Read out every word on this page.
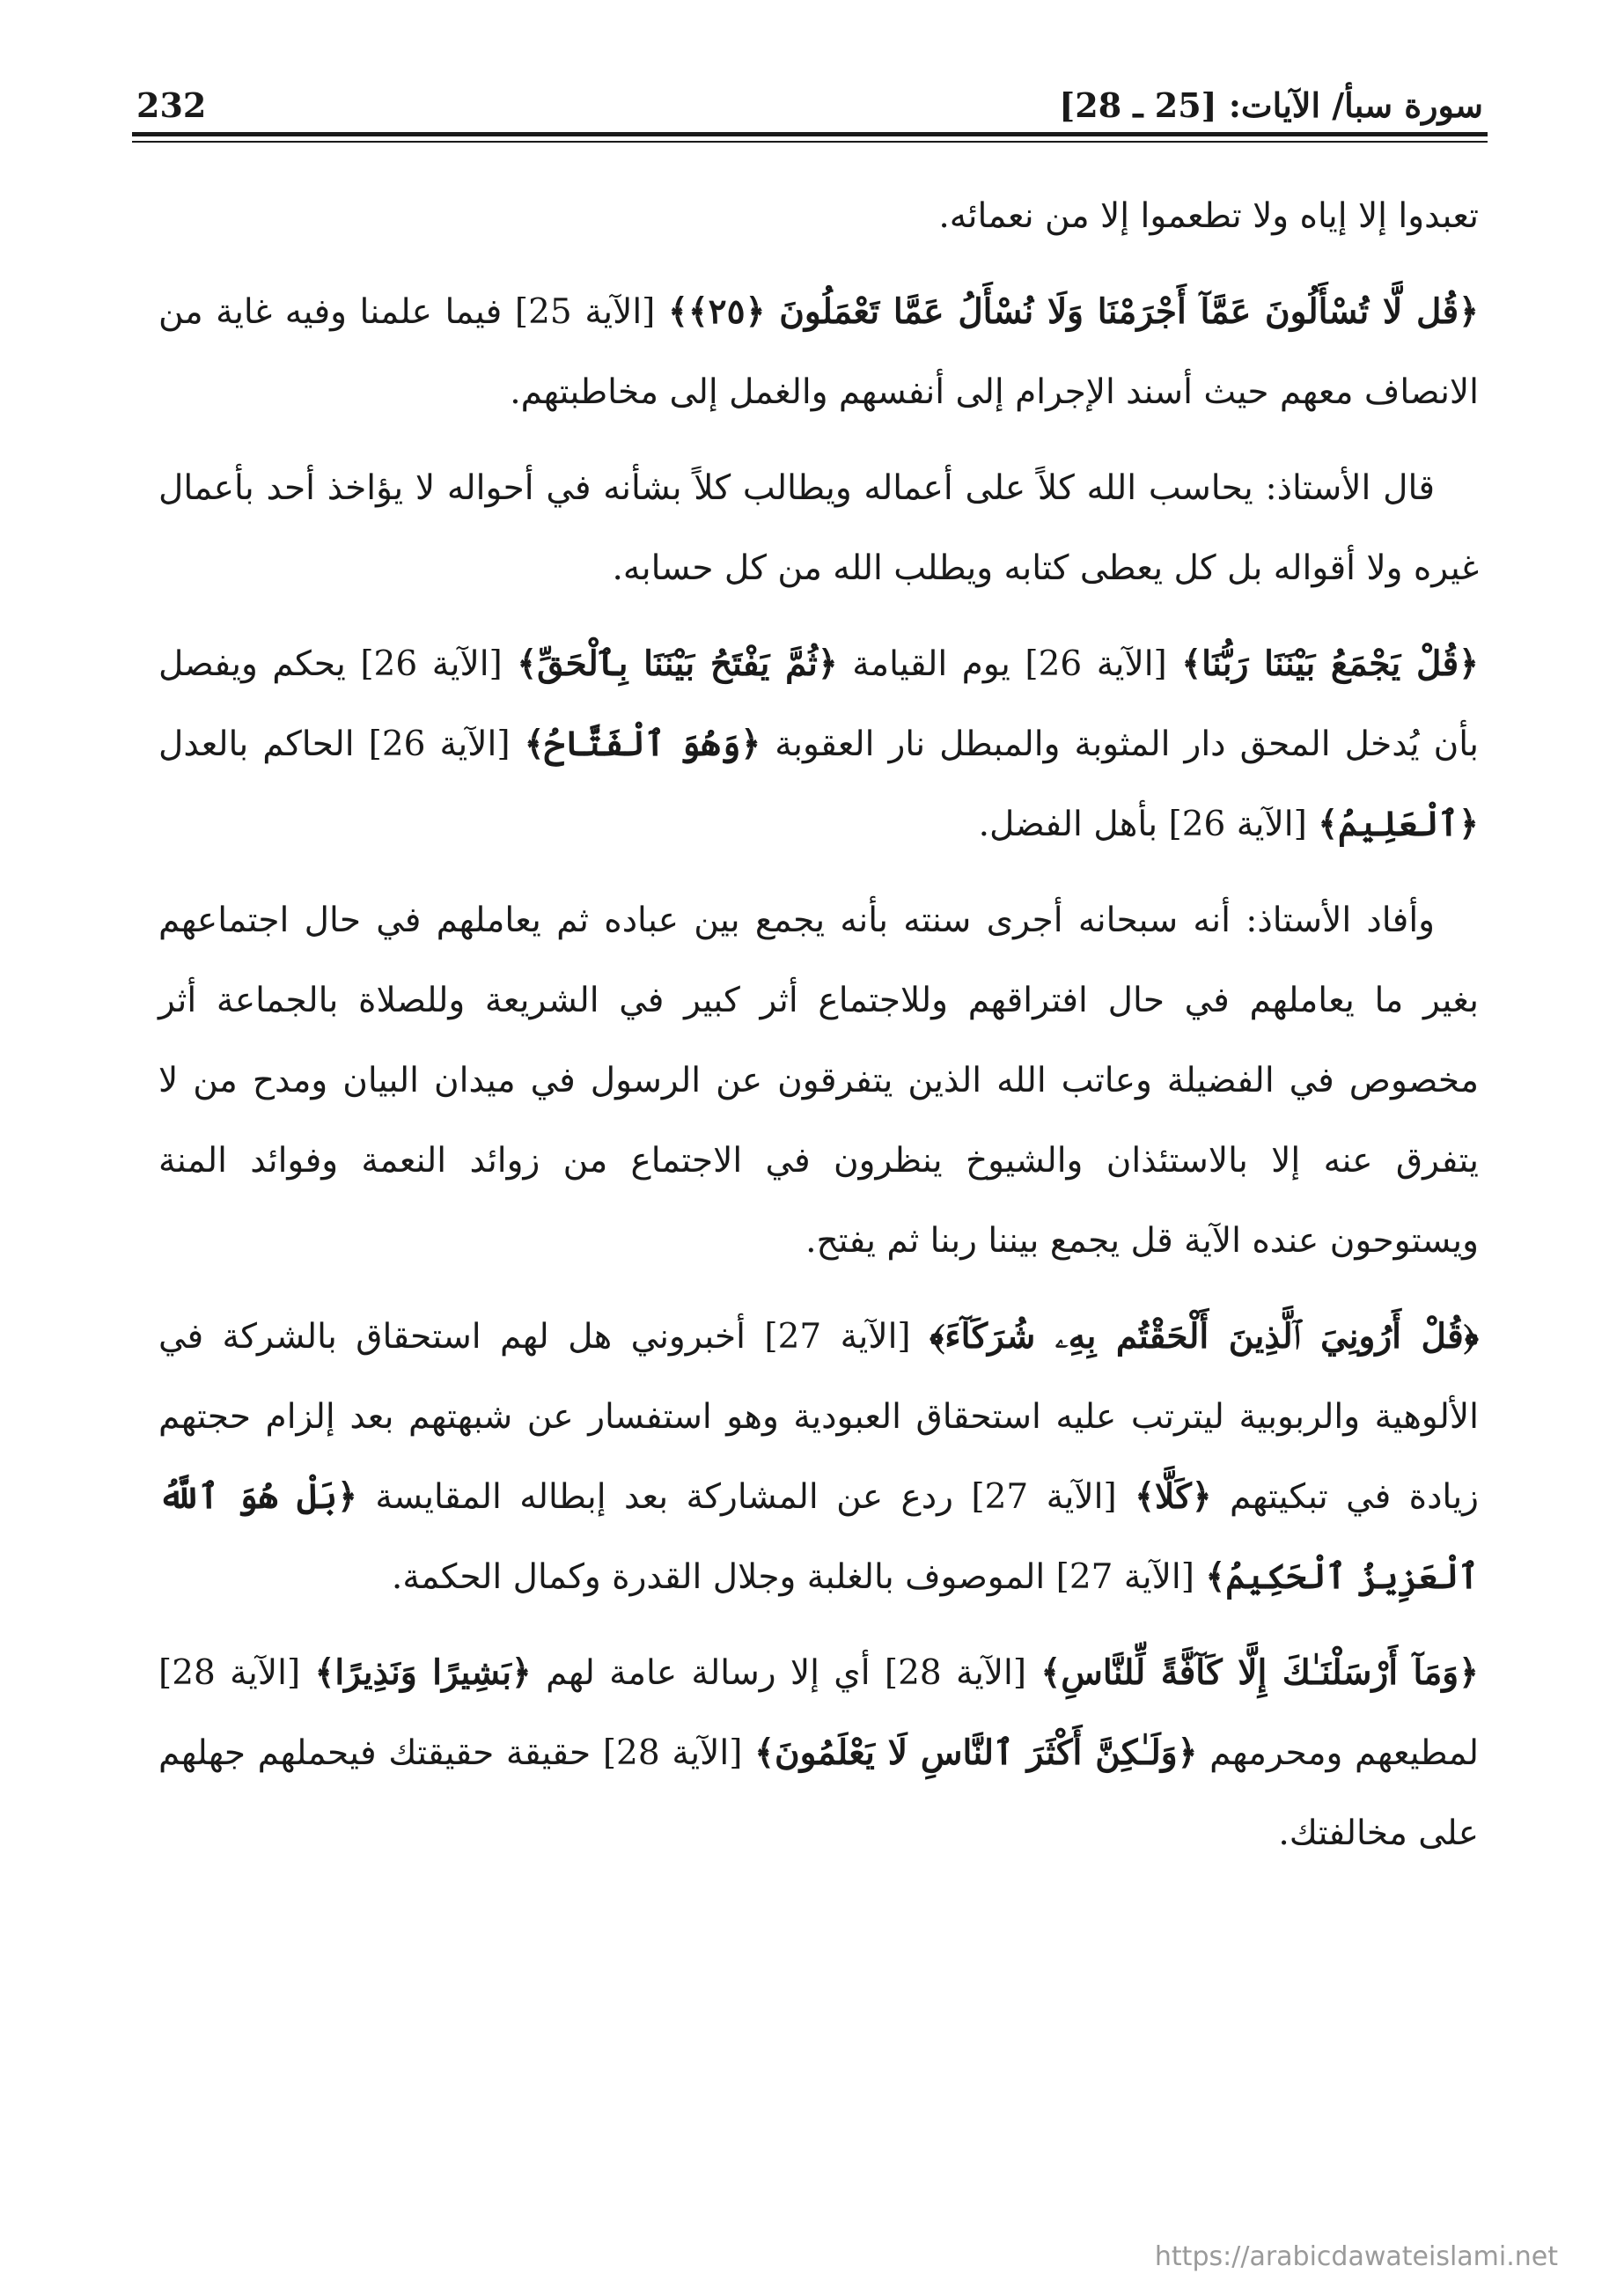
232	سورة سبأ/ الآيات: [25 ـ 28]

تعبدوا إلا إياه ولا تطعموا إلا من نعمائه.

﴿قُل لَّا تُسْأَلُونَ عَمَّآ أَجْرَمْنَا وَلَا نُسْأَلُ عَمَّا تَعْمَلُونَ ﴿٢٥﴾﴾ [الآية 25] فيما علمنا وفيه غاية من الانصاف معهم حيث أسند الإجرام إلى أنفسهم والغمل إلى مخاطبتهم.

قال الأستاذ: يحاسب الله كلاً على أعماله ويطالب كلاً بشأنه في أحواله لا يؤاخذ أحد بأعمال غيره ولا أقواله بل كل يعطى كتابه ويطلب الله من كل حسابه.

﴿قُلْ يَجْمَعُ بَيْنَنَا رَبُّنَا﴾ [الآية 26] يوم القيامة ﴿ثُمَّ يَفْتَحُ بَيْنَنَا بِٱلْحَقِّ﴾ [الآية 26] يحكم ويفصل بأن يُدخل المحق دار المثوبة والمبطل نار العقوبة ﴿وَهُوَ ٱلْفَتَّاحُ﴾ [الآية 26] الحاكم بالعدل ﴿ٱلْعَلِيمُ﴾ [الآية 26] بأهل الفضل.

وأفاد الأستاذ: أنه سبحانه أجرى سنته بأنه يجمع بين عباده ثم يعاملهم في حال اجتماعهم بغير ما يعاملهم في حال افتراقهم وللاجتماع أثر كبير في الشريعة وللصلاة بالجماعة أثر مخصوص في الفضيلة وعاتب الله الذين يتفرقون عن الرسول في ميدان البيان ومدح من لا يتفرق عنه إلا بالاستئذان والشيوخ ينظرون في الاجتماع من زوائد النعمة وفوائد المنة ويستوحون عنده الآية قل يجمع بيننا ربنا ثم يفتح.

﴿قُلْ أَرُونِيَ ٱلَّذِينَ أَلْحَقْتُم بِهِۦ شُرَكَآءَ﴾ [الآية 27] أخبروني هل لهم استحقاق بالشركة في الألوهية والربوبية ليترتب عليه استحقاق العبودية وهو استفسار عن شبهتهم بعد إلزام حجتهم زيادة في تبكيتهم ﴿كَلَّا﴾ [الآية 27] ردع عن المشاركة بعد إبطاله المقايسة ﴿بَلْ هُوَ ٱللَّهُ ٱلْعَزِيزُ ٱلْحَكِيمُ﴾ [الآية 27] الموصوف بالغلبة وجلال القدرة وكمال الحكمة.

﴿وَمَآ أَرْسَلْنَـٰكَ إِلَّا كَآفَّةً لِّلنَّاسِ﴾ [الآية 28] أي إلا رسالة عامة لهم ﴿بَشِيرًا وَنَذِيرًا﴾ [الآية 28] لمطيعهم ومحرمهم ﴿وَلَـٰكِنَّ أَكْثَرَ ٱلنَّاسِ لَا يَعْلَمُونَ﴾ [الآية 28] حقيقة حقيقتك فيحملهم جهلهم على مخالفتك.

https://arabicdawateislami.net
